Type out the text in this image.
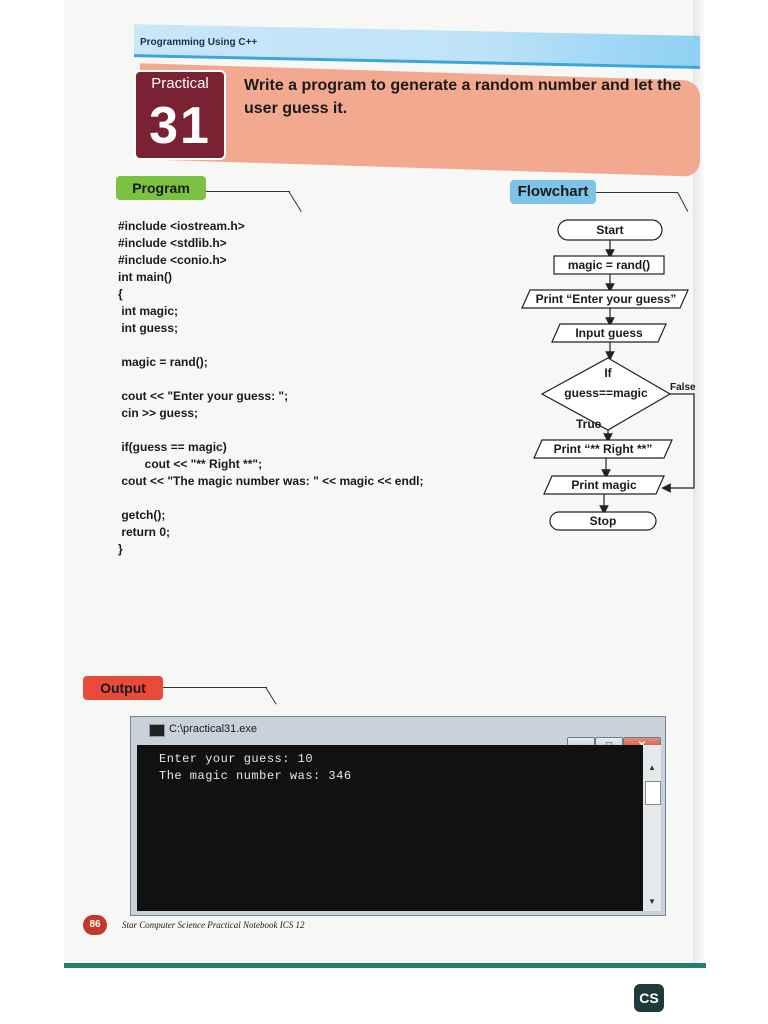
Programming Using C++
Practical
31
Write a program to generate a random number and let the user guess it.
Program	Flowchart
Output
#include <iostream.h>
#include <stdlib.h>
#include <conio.h>
int main()
{
int magic;
int guess;

magic = rand();

cout << "Enter your guess: ";
cin >> guess;

if(guess == magic)
cout << "** Right **";
cout << "The magic number was: " << magic << endl;

getch();
return 0;
}
Start
magic = rand()
Print “Enter your guess”
Input guess
If
guess==magic False
True
Print “** Right **”
Print magic
Stop
C:\practical31.exe
Enter your guess: 10
The magic number was: 346
▲
▼
86	Star Computer Science Practical Notebook ICS 12
CS
